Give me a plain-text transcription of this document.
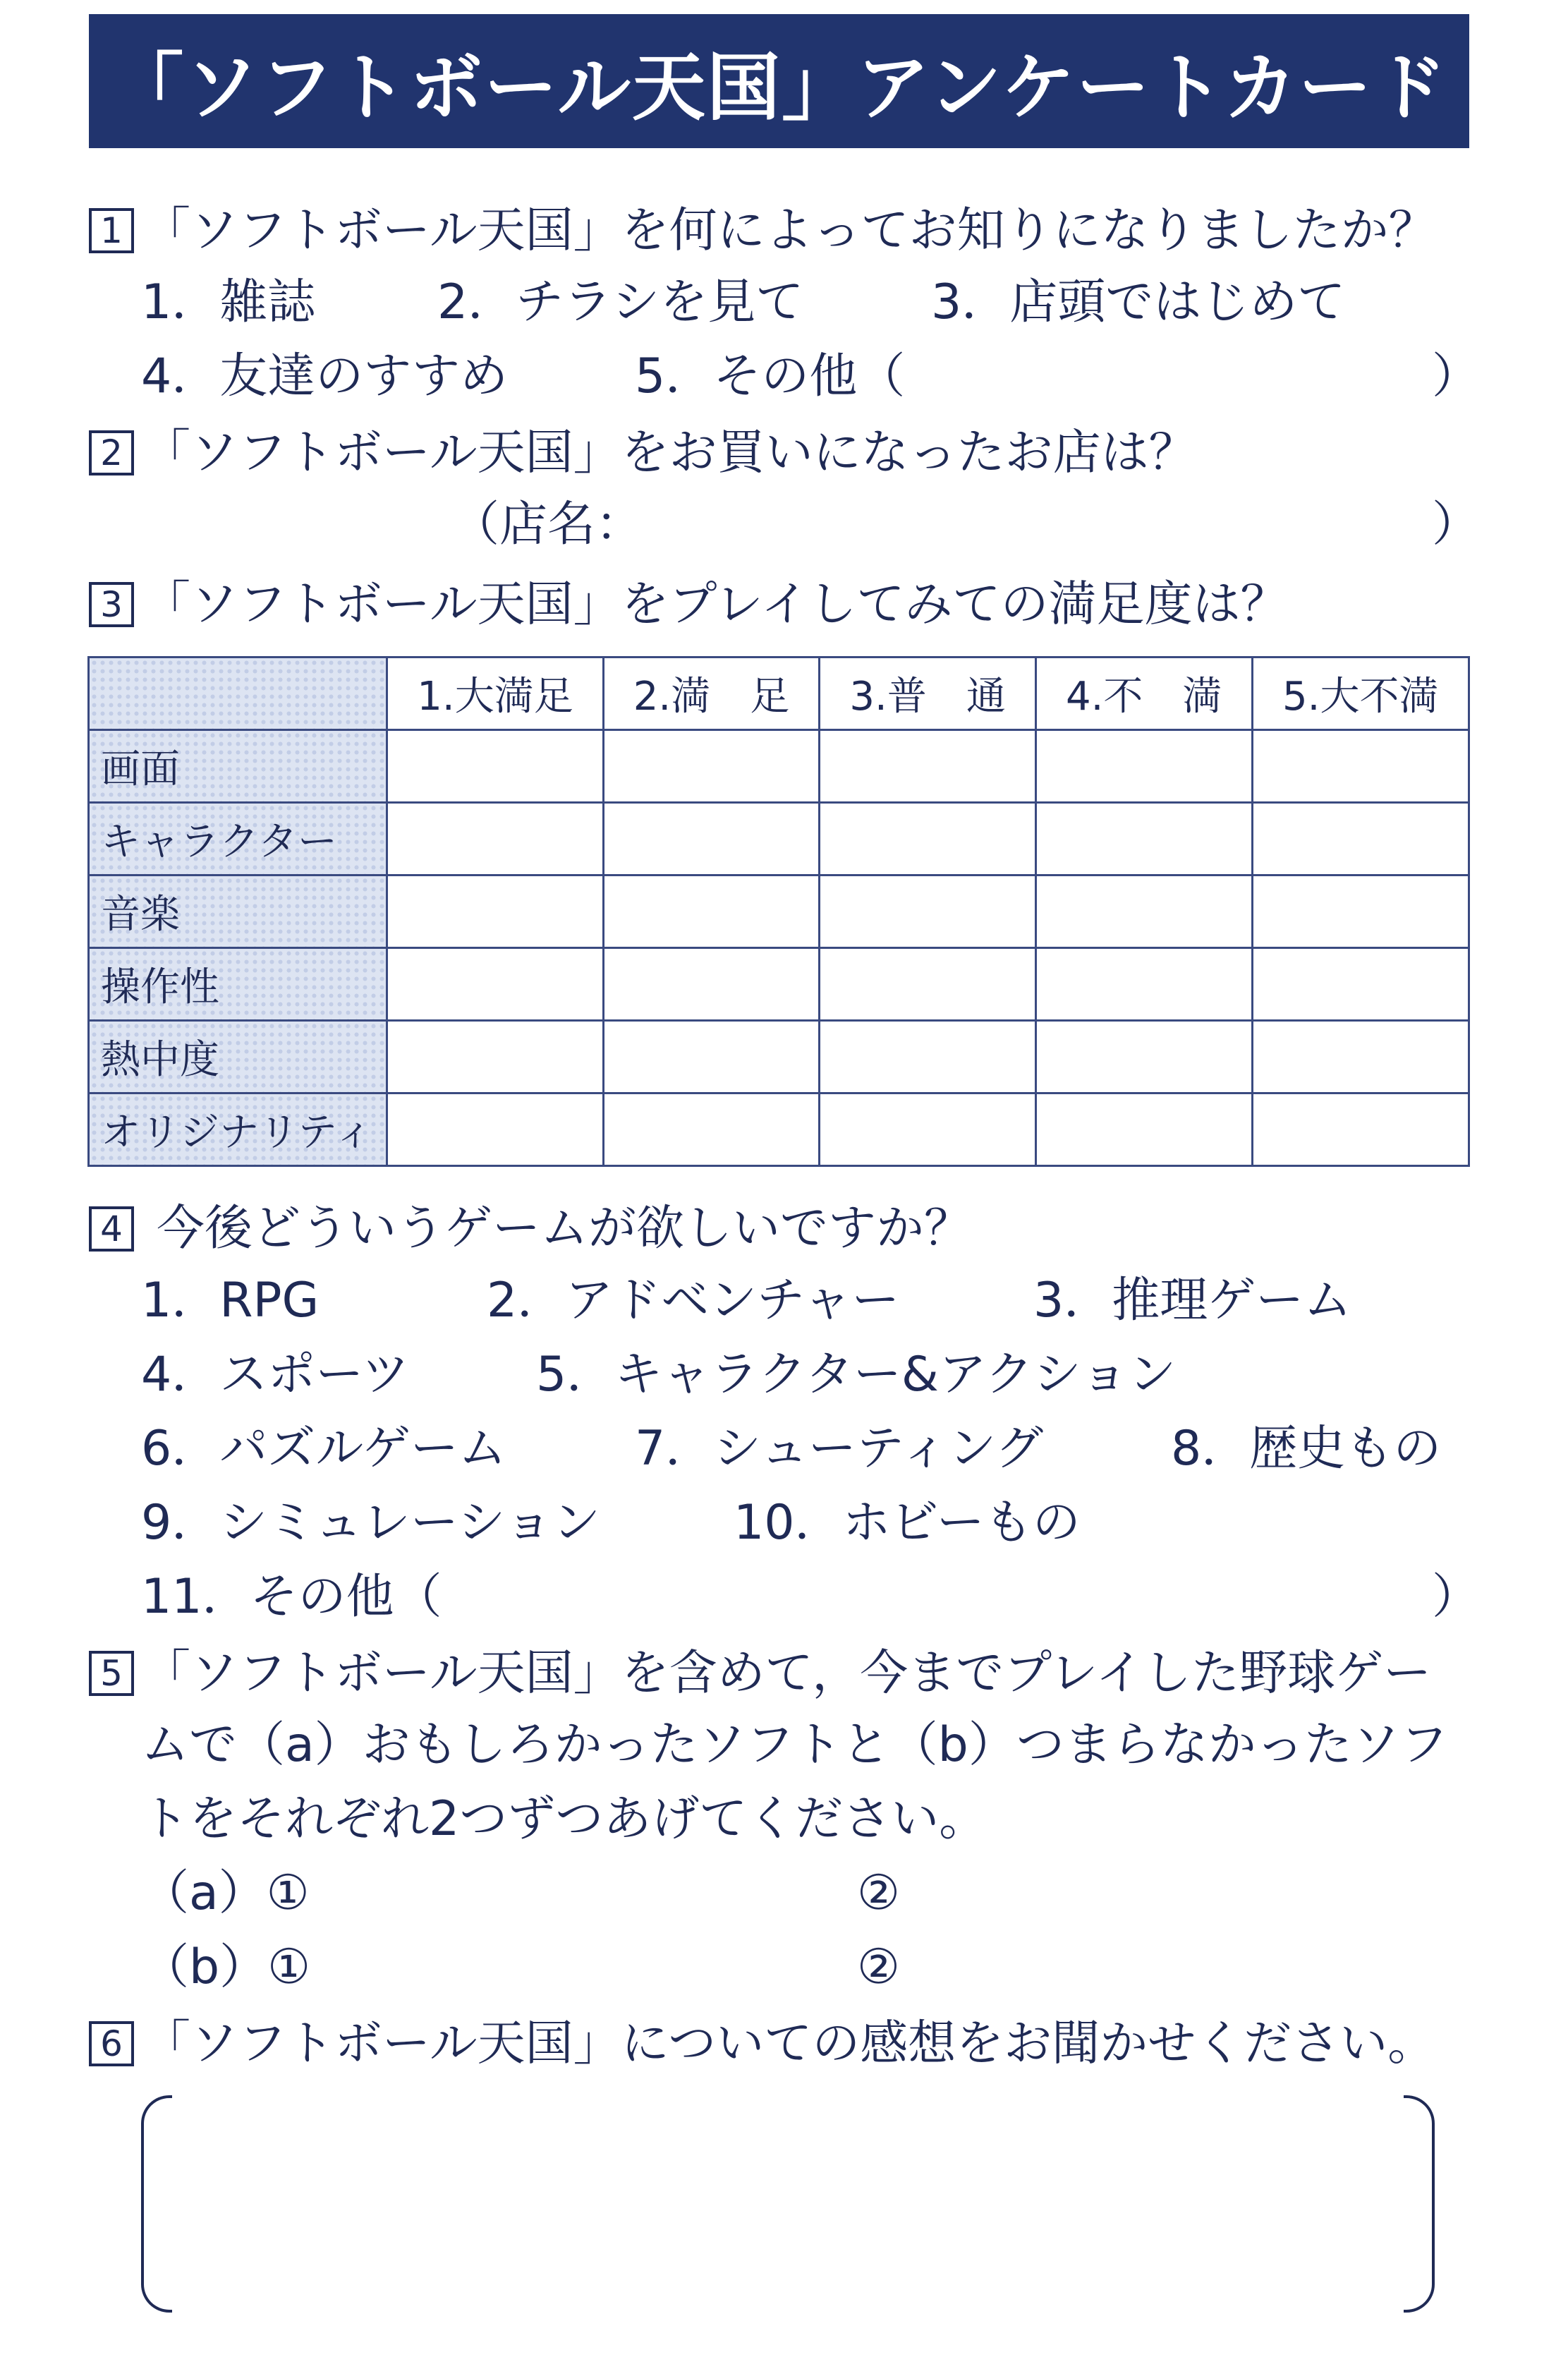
「ソフトボール天国」アンケートカード
1 「ソフトボール天国」を何によってお知りになりましたか？
1．雑誌	2．チラシを見て	3．店頭ではじめて
4．友達のすすめ	5．その他（	）
2 「ソフトボール天国」をお買いになったお店は？
（店名：	）
3 「ソフトボール天国」をプレイしてみての満足度は？
	1.大満足	2.満　足	3.普　通	4.不　満	5.大不満
画面					
キャラクター					
音楽					
操作性					
熱中度					
オリジナリティ					
4 今後どういうゲームが欲しいですか？
1．RPG	2．アドベンチャー	3．推理ゲーム
4．スポーツ	5．キャラクター&アクション
6．パズルゲーム	7．シューティング	8．歴史もの
9．シミュレーション	10．ホビーもの
11．その他（	）
5 「ソフトボール天国」を含めて，今までプレイした野球ゲー
ムで（a）おもしろかったソフトと（b）つまらなかったソフ
トをそれぞれ2つずつあげてください。
（a）①	②
（b）①	②
6 「ソフトボール天国」についての感想をお聞かせください。
